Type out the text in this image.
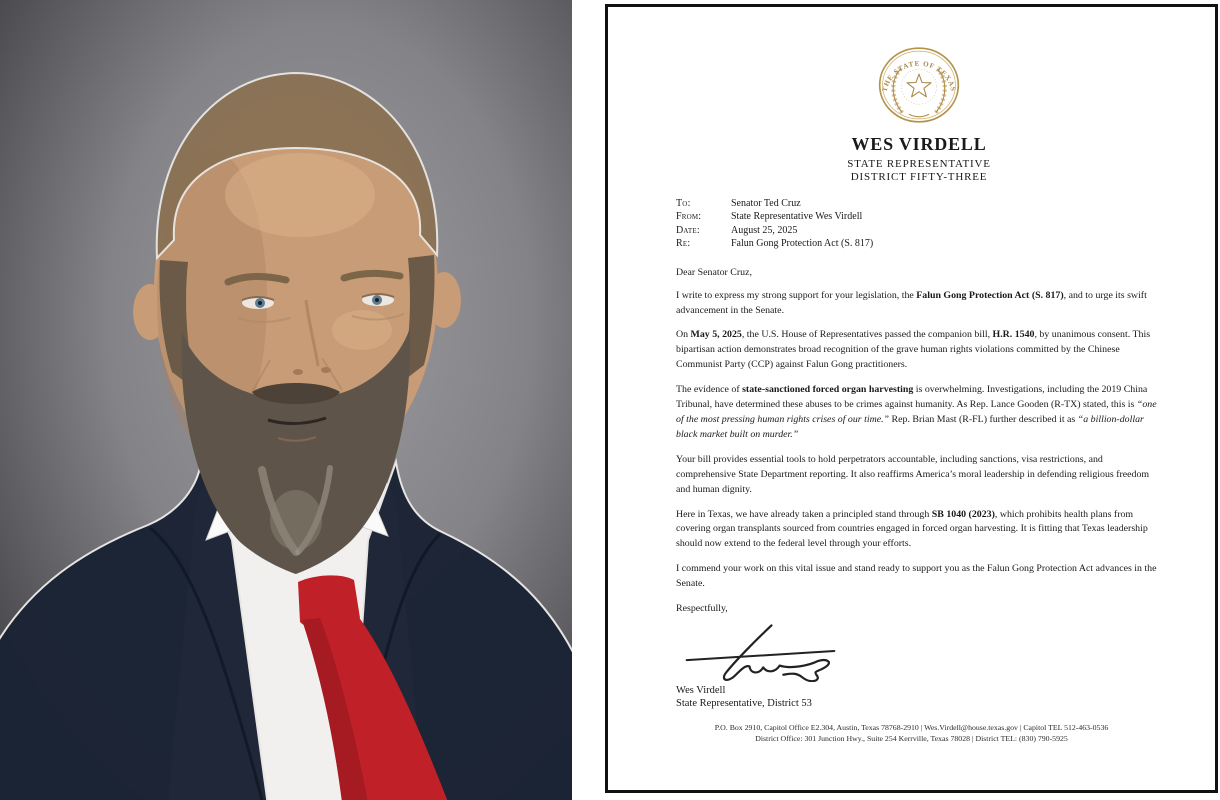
THE STATE OF TEXAS
WES VIRDELL
STATE REPRESENTATIVE
DISTRICT FIFTY-THREE
To:	Senator Ted Cruz
From:	State Representative Wes Virdell
Date:	August 25, 2025
Re:	Falun Gong Protection Act (S. 817)
Dear Senator Cruz,
I write to express my strong support for your legislation, the Falun Gong Protection Act (S. 817), and to urge its swift advancement in the Senate.
On May 5, 2025, the U.S. House of Representatives passed the companion bill, H.R. 1540, by unanimous consent. This bipartisan action demonstrates broad recognition of the grave human rights violations committed by the Chinese Communist Party (CCP) against Falun Gong practitioners.
The evidence of state-sanctioned forced organ harvesting is overwhelming. Investigations, including the 2019 China Tribunal, have determined these abuses to be crimes against humanity. As Rep. Lance Gooden (R-TX) stated, this is “one of the most pressing human rights crises of our time.” Rep. Brian Mast (R-FL) further described it as “a billion-dollar black market built on murder.”
Your bill provides essential tools to hold perpetrators accountable, including sanctions, visa restrictions, and comprehensive State Department reporting. It also reaffirms America’s moral leadership in defending religious freedom and human dignity.
Here in Texas, we have already taken a principled stand through SB 1040 (2023), which prohibits health plans from covering organ transplants sourced from countries engaged in forced organ harvesting. It is fitting that Texas leadership should now extend to the federal level through your efforts.
I commend your work on this vital issue and stand ready to support you as the Falun Gong Protection Act advances in the Senate.
Respectfully,
Wes Virdell
State Representative, District 53
P.O. Box 2910, Capitol Office E2.304, Austin, Texas 78768-2910 | Wes.Virdell@house.texas.gov | Capitol TEL 512-463-0536
District Office: 301 Junction Hwy., Suite 254 Kerrville, Texas 78028 | District TEL: (830) 790-5925
